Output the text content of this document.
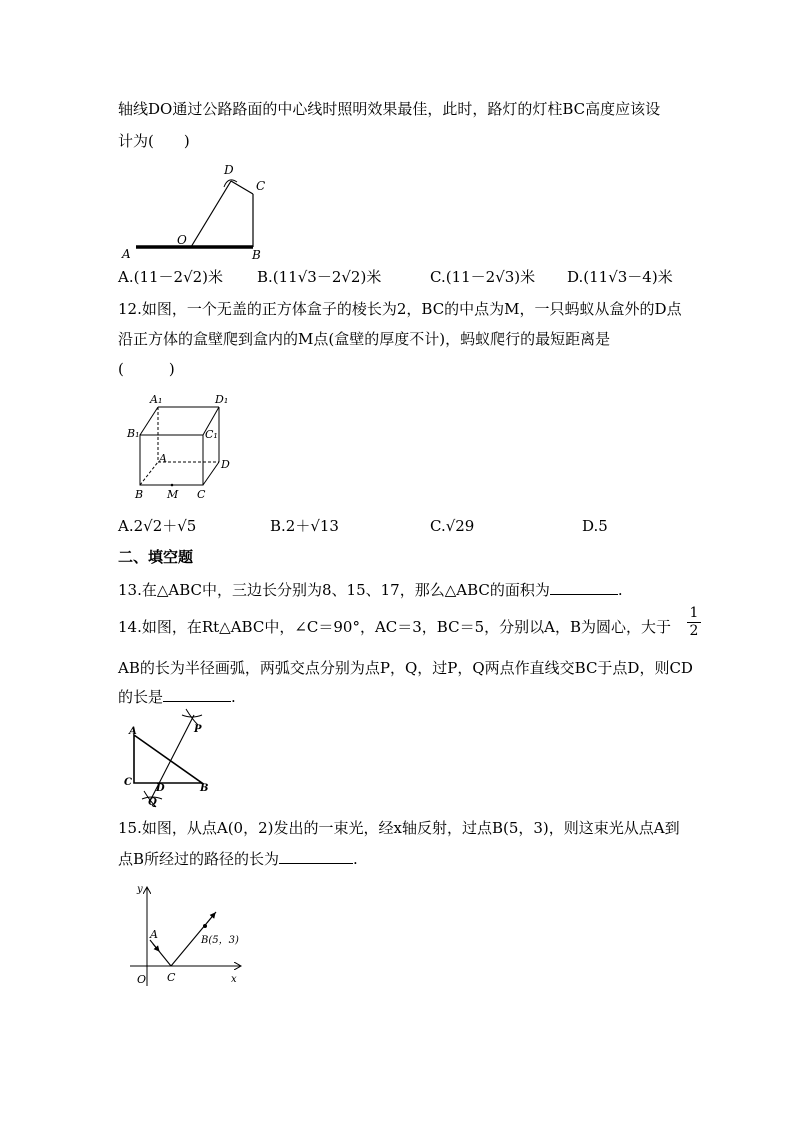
轴线DO通过公路路面的中心线时照明效果最佳，此时，路灯的灯柱BC高度应该设
计为(　　)
D
C
O
A	B
A.(11－2√2)米 B.(11√3－2√2)米	C.(11－2√3)米 D.(11√3－4)米
12.如图，一个无盖的正方体盒子的棱长为2，BC的中点为M，一只蚂蚁从盒外的D点
沿正方体的盒壁爬到盒内的M点(盒壁的厚度不计)，蚂蚁爬行的最短距离是
(　　　)
A₁	D₁
B₁	C₁
A	D
B M C
A.2√2＋√5	B.2＋√13	C.√29	D.5
二、填空题
13.在△ABC中，三边长分别为8、15、17，那么△ABC的面积为	.
14.如图，在Rt△ABC中，∠C＝90°，AC＝3，BC＝5，分别以A，B为圆心，大于 $\frac{1}{2}$
AB的长为半径画弧，两弧交点分别为点P，Q，过P，Q两点作直线交BC于点D，则CD
的长是	.
A	P
C
D	B
Q
15.如图，从点A(0，2)发出的一束光，经x轴反射，过点B(5，3)，则这束光从点A到
点B所经过的路径的长为	.
y
x
O
A
C
B(5，3)
